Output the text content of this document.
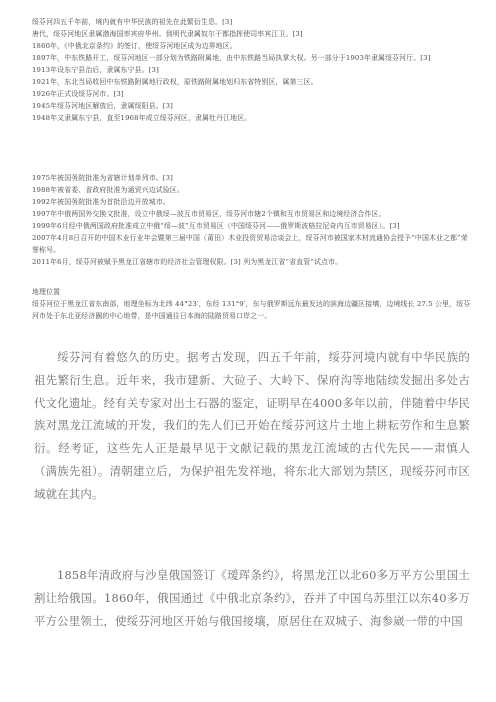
绥芬河四五千年前，境内就有中华民族的祖先在此繁衍生息。[3]

唐代，绥芬河地区隶属渤海国率宾府华州。到明代隶属奴尔干都指挥使司率宾江卫。[3]

1860年，《中俄北京条约》的签订，使绥芬河地区成为边界地区。

1897年，中东铁路开工，绥芬河地区一部分划为铁路附属地，由中东铁路当局执掌大权。另一部分于1903年隶属绥芬河厅。[3]

1913年设东宁县治后，隶属东宁县。[3]

1921年，东北当局收回中东铁路附属地行政权，原铁路附属地划归东省特别区，属第三区。

1926年正式设绥芬河市。[3]

1945年绥芬河地区解放后，隶属绥阳县。[3]

1948年又隶属东宁县，直至1968年成立绥芬河区，隶属牡丹江地区。

1975年被国务院批准为省辖计划单列市。[3]

1988年被省委、省政府批准为通贸兴边试验区。

1992年被国务院批准为首批沿边开放城市。

1997年中俄两国外交换文批准，设立中俄绥—波互市贸易区，绥芬河市辖2个镇和互市贸易区和边境经济合作区。

1999年6月经中俄两国政府批准成立中俄“绥—波”互市贸易区（中国绥芬河——俄罗斯波格拉尼奇内互市贸易区）。[3]

2007年4月8日召开的中国木业行业年会暨第三届中国（莆田）木业投资贸易洽谈会上，绥芬河市被国家木材流通协会授予“中国木业之都”荣誉称号。

2011年6月，绥芬河被赋予黑龙江省辖市的经济社会管理权限。[3] 列为黑龙江省“省直管”试点市。

地理位置

绥芬河位于黑龙江省东南部，地理坐标为北纬 44°23′，东经 131°9′，东与俄罗斯远东最发达的滨海边疆区接壤，边境线长 27.5 公里，绥芬河市处于东北亚经济圈的中心地带，是中国通往日本海的陆路贸易口岸之一。

绥芬河有着悠久的历史。据考古发现，四五千年前，绥芬河境内就有中华民族的祖先繁衍生息。近年来，我市建新、大砬子、大岭下、保府沟等地陆续发掘出多处古代文化遗址。经有关专家对出土石器的鉴定，证明早在4000多年以前，伴随着中华民族对黑龙江流域的开发，我们的先人们已开始在绥芬河这片土地上耕耘劳作和生息繁衍。经考证，这些先人正是最早见于文献记载的黑龙江流域的古代先民——肃慎人（满族先祖）。清朝建立后，为保护祖先发祥地，将东北大部划为禁区，现绥芬河市区域就在其内。

1858年清政府与沙皇俄国签订《瑷珲条约》，将黑龙江以北60多万平方公里国土割让给俄国。1860年，俄国通过《中俄北京条约》，吞并了中国乌苏里江以东40多万平方公里领土，使绥芬河地区开始与俄国接壤，原居住在双城子、海参崴一带的中国
